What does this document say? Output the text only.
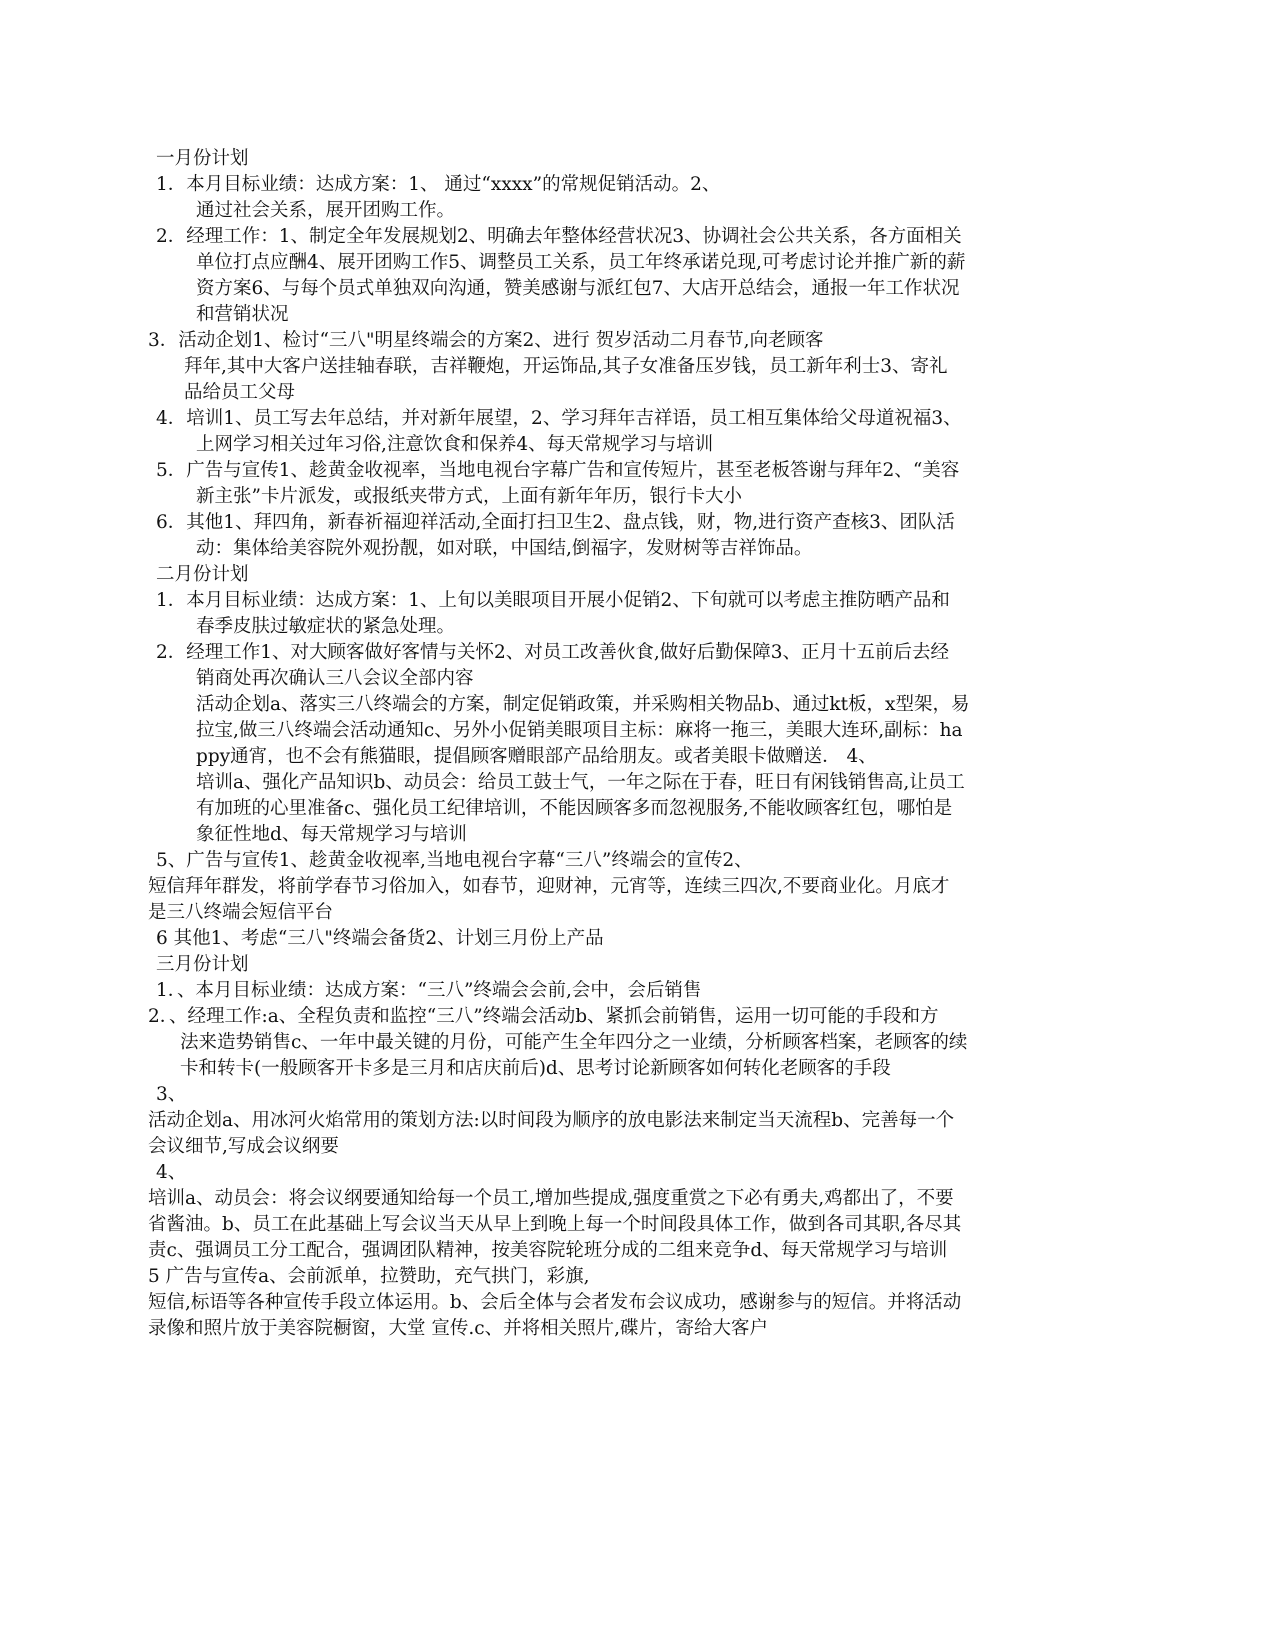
一月份计划
1．本月目标业绩：达成方案：1、 通过“xxxx”的常规促销活动。2、
通过社会关系，展开团购工作。
2．经理工作：1、制定全年发展规划2、明确去年整体经营状况3、协调社会公共关系，各方面相关
单位打点应酬4、展开团购工作5、调整员工关系，员工年终承诺兑现,可考虑讨论并推广新的薪
资方案6、与每个员式单独双向沟通，赞美感谢与派红包7、大店开总结会，通报一年工作状况
和营销状况
3．活动企划1、检讨“三八"明星终端会的方案2、进行 贺岁活动二月春节,向老顾客
拜年,其中大客户送挂轴春联，吉祥鞭炮，开运饰品,其子女准备压岁钱，员工新年利士3、寄礼
品给员工父母
4．培训1、员工写去年总结，并对新年展望，2、学习拜年吉祥语，员工相互集体给父母道祝福3、
上网学习相关过年习俗,注意饮食和保养4、每天常规学习与培训
5．广告与宣传1、趁黄金收视率，当地电视台字幕广告和宣传短片，甚至老板答谢与拜年2、“美容
新主张”卡片派发，或报纸夹带方式，上面有新年年历，银行卡大小
6．其他1、拜四角，新春祈福迎祥活动,全面打扫卫生2、盘点钱，财，物,进行资产查核3、团队活
动：集体给美容院外观扮靓，如对联，中国结,倒福字，发财树等吉祥饰品。
二月份计划
1．本月目标业绩：达成方案：1、上旬以美眼项目开展小促销2、下旬就可以考虑主推防晒产品和
春季皮肤过敏症状的紧急处理。
2．经理工作1、对大顾客做好客情与关怀2、对员工改善伙食,做好后勤保障3、正月十五前后去经
销商处再次确认三八会议全部内容
活动企划a、落实三八终端会的方案，制定促销政策，并采购相关物品b、通过kt板，x型架，易
拉宝,做三八终端会活动通知c、另外小促销美眼项目主标：麻将一拖三，美眼大连环,副标：ha
ppy通宵，也不会有熊猫眼，提倡顾客赠眼部产品给朋友。或者美眼卡做赠送． 4、
培训a、强化产品知识b、动员会：给员工鼓士气，一年之际在于春，旺日有闲钱销售高,让员工
有加班的心里准备c、强化员工纪律培训，不能因顾客多而忽视服务,不能收顾客红包，哪怕是
象征性地d、每天常规学习与培训
5、广告与宣传1、趁黄金收视率,当地电视台字幕“三八”终端会的宣传2、
短信拜年群发，将前学春节习俗加入，如春节，迎财神，元宵等，连续三四次,不要商业化。月底才
是三八终端会短信平台
6 其他1、考虑“三八"终端会备货2、计划三月份上产品
三月份计划
1．、本月目标业绩：达成方案：“三八”终端会会前,会中，会后销售
2．、经理工作:a、全程负责和监控“三八”终端会活动b、紧抓会前销售，运用一切可能的手段和方
法来造势销售c、一年中最关键的月份，可能产生全年四分之一业绩，分析顾客档案，老顾客的续
卡和转卡(一般顾客开卡多是三月和店庆前后)d、思考讨论新顾客如何转化老顾客的手段
3、
活动企划a、用冰河火焰常用的策划方法:以时间段为顺序的放电影法来制定当天流程b、完善每一个
会议细节,写成会议纲要
4、
培训a、动员会：将会议纲要通知给每一个员工,增加些提成,强度重赏之下必有勇夫,鸡都出了，不要
省酱油。b、员工在此基础上写会议当天从早上到晚上每一个时间段具体工作，做到各司其职,各尽其
责c、强调员工分工配合，强调团队精神，按美容院轮班分成的二组来竞争d、每天常规学习与培训
5 广告与宣传a、会前派单，拉赞助，充气拱门，彩旗,
短信,标语等各种宣传手段立体运用。b、会后全体与会者发布会议成功，感谢参与的短信。并将活动
录像和照片放于美容院橱窗，大堂 宣传.c、并将相关照片,碟片，寄给大客户
